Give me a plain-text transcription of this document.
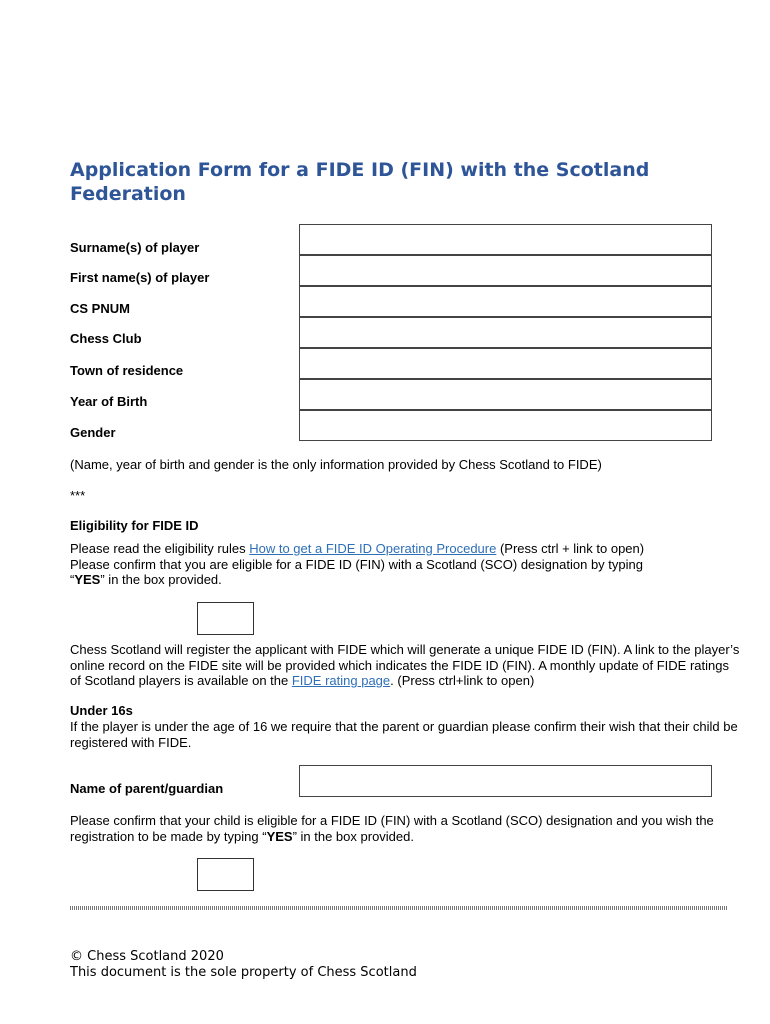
Application Form for a FIDE ID (FIN) with the Scotland Federation
Surname(s) of player
First name(s) of player
CS PNUM
Chess Club
Town of residence
Year of Birth
Gender
(Name, year of birth and gender is the only information provided by Chess Scotland to FIDE)
***
Eligibility for FIDE ID
Please read the eligibility rules How to get a FIDE ID Operating Procedure (Press ctrl + link to open)
Please confirm that you are eligible for a FIDE ID (FIN) with a Scotland (SCO) designation by typing
“YES” in the box provided.
Chess Scotland will register the applicant with FIDE which will generate a unique FIDE ID (FIN). A link to the player’s online record on the FIDE site will be provided which indicates the FIDE ID (FIN). A monthly update of FIDE ratings of Scotland players is available on the FIDE rating page. (Press ctrl+link to open)
Under 16s
If the player is under the age of 16 we require that the parent or guardian please confirm their wish that their child be registered with FIDE.
Name of parent/guardian
Please confirm that your child is eligible for a FIDE ID (FIN) with a Scotland (SCO) designation and you wish the registration to be made by typing “YES” in the box provided.
© Chess Scotland 2020
This document is the sole property of Chess Scotland
